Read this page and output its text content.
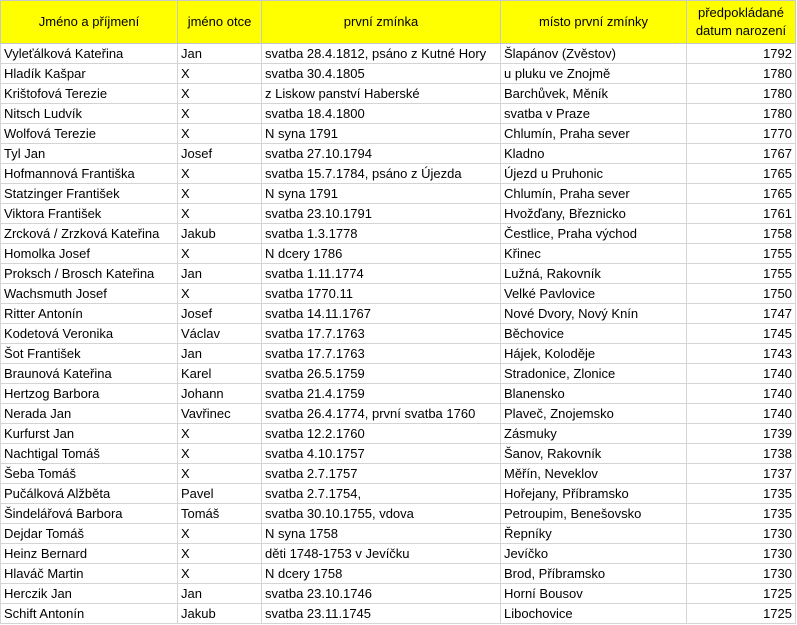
Jméno a příjmení	jméno otce	první zmínka	místo první zmínky	předpokládané datum narození
Vyleťálková Kateřina	Jan	svatba 28.4.1812, psáno z Kutné Hory	Šlapánov (Zvěstov)	1792
Hladík Kašpar	X	svatba 30.4.1805	u pluku ve Znojmě	1780
Krištofová Terezie	X	z Liskow panství Haberské	Barchůvek, Měník	1780
Nitsch Ludvík	X	svatba 18.4.1800	svatba v Praze	1780
Wolfová Terezie	X	N syna 1791	Chlumín, Praha sever	1770
Tyl Jan	Josef	svatba 27.10.1794	Kladno	1767
Hofmannová Františka	X	svatba 15.7.1784, psáno z Újezda	Újezd u Pruhonic	1765
Statzinger František	X	N syna 1791	Chlumín, Praha sever	1765
Viktora František	X	svatba 23.10.1791	Hvožďany, Březnicko	1761
Zrcková / Zrzková Kateřina	Jakub	svatba 1.3.1778	Čestlice, Praha východ	1758
Homolka Josef	X	N dcery 1786	Křinec	1755
Proksch / Brosch Kateřina	Jan	svatba 1.11.1774	Lužná, Rakovník	1755
Wachsmuth Josef	X	svatba 1770.11	Velké Pavlovice	1750
Ritter Antonín	Josef	svatba 14.11.1767	Nové Dvory, Nový Knín	1747
Kodetová Veronika	Václav	svatba 17.7.1763	Běchovice	1745
Šot František	Jan	svatba 17.7.1763	Hájek, Koloděje	1743
Braunová Kateřina	Karel	svatba 26.5.1759	Stradonice, Zlonice	1740
Hertzog Barbora	Johann	svatba 21.4.1759	Blanensko	1740
Nerada Jan	Vavřinec	svatba 26.4.1774, první svatba 1760	Plaveč, Znojemsko	1740
Kurfurst Jan	X	svatba 12.2.1760	Zásmuky	1739
Nachtigal Tomáš	X	svatba 4.10.1757	Šanov, Rakovník	1738
Šeba Tomáš	X	svatba 2.7.1757	Měřín, Neveklov	1737
Pučálková Alžběta	Pavel	svatba 2.7.1754,	Hořejany, Příbramsko	1735
Šindelářová Barbora	Tomáš	svatba 30.10.1755, vdova	Petroupim, Benešovsko	1735
Dejdar Tomáš	X	N syna 1758	Řepníky	1730
Heinz Bernard	X	děti 1748-1753 v Jevíčku	Jevíčko	1730
Hlaváč Martin	X	N dcery 1758	Brod, Příbramsko	1730
Herczik Jan	Jan	svatba 23.10.1746	Horní Bousov	1725
Schift Antonín	Jakub	svatba 23.11.1745	Libochovice	1725
